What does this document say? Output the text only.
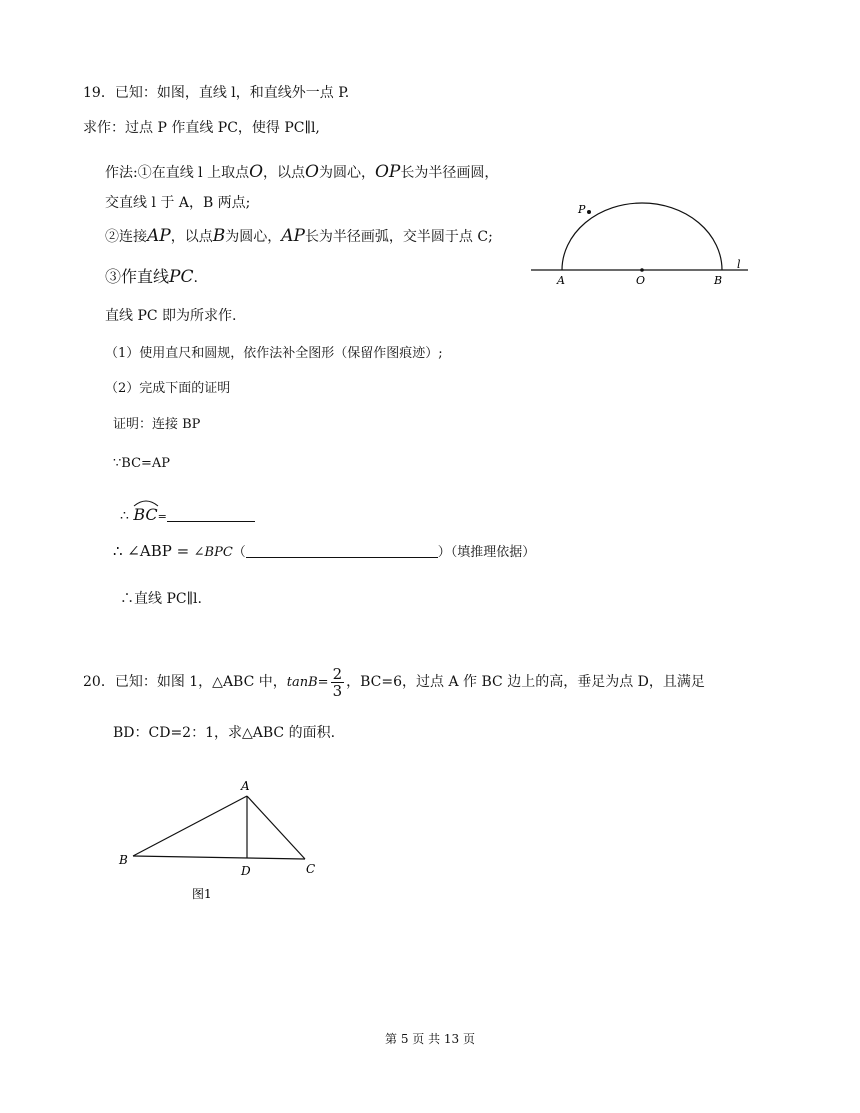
19．已知：如图，直线 l，和直线外一点 P.
求作：过点 P 作直线 PC，使得 PC∥l,
作法:①在直线 l 上取点O，以点O为圆心，OP长为半径画圆，
交直线 l 于 A，B 两点;
②连接AP，以点B为圆心，AP长为半径画弧，交半圆于点 C;
③作直线PC.
直线 PC 即为所求作.
（1）使用直尺和圆规，依作法补全图形（保留作图痕迹）;
（2）完成下面的证明
证明：连接 BP
∵BC=AP
∴ BC=
∴ ∠ABP = ∠BPC（	）（填推理依据）
∴直线 PC∥l.
P
A	O	B
l
20．已知：如图 1，△ABC 中，$\tan B= \frac{2}{3}$ ，BC=6，过点 A 作 BC 边上的高，垂足为点 D，且满足
BD：CD=2：1，求△ABC 的面积.
A
B
D	C
图1
第 5 页 共 13 页
